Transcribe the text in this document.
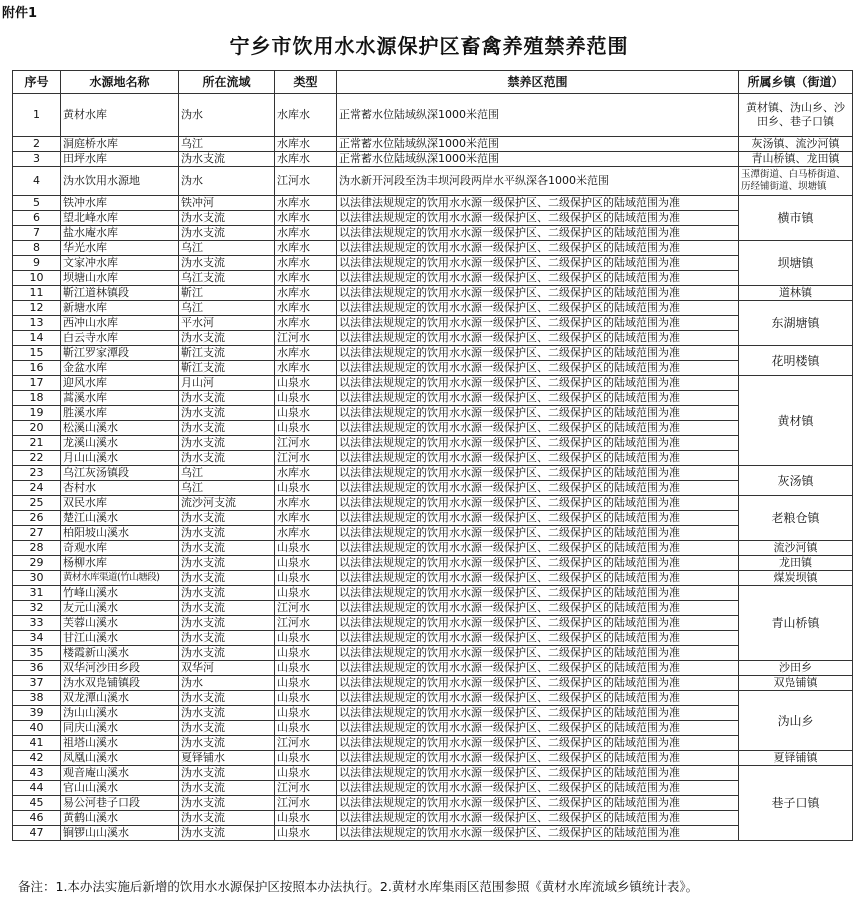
附件1
宁乡市饮用水水源保护区畜禽养殖禁养范围
序号	水源地名称	所在流域	类型	禁养区范围	所属乡镇（街道）
1	黄材水库	沩水	水库水	正常蓄水位陆域纵深1000米范围	黄材镇、沩山乡、沙田乡、巷子口镇
2	洞庭桥水库	乌江	水库水	正常蓄水位陆域纵深1000米范围	灰汤镇、流沙河镇
3	田坪水库	沩水支流	水库水	正常蓄水位陆域纵深1000米范围	青山桥镇、龙田镇
4	沩水饮用水源地	沩水	江河水	沩水新开河段至沩丰坝河段两岸水平纵深各1000米范围	玉潭街道、白马桥街道、历经铺街道、坝塘镇
5	铁冲水库	铁冲河	水库水	以法律法规规定的饮用水水源一级保护区、二级保护区的陆域范围为准	横市镇
6	望北峰水库	沩水支流	水库水	以法律法规规定的饮用水水源一级保护区、二级保护区的陆域范围为准	
7	盐水庵水库	沩水支流	水库水	以法律法规规定的饮用水水源一级保护区、二级保护区的陆域范围为准	
8	华光水库	乌江	水库水	以法律法规规定的饮用水水源一级保护区、二级保护区的陆域范围为准	坝塘镇
9	文家冲水库	沩水支流	水库水	以法律法规规定的饮用水水源一级保护区、二级保护区的陆域范围为准	
10	坝塘山水库	乌江支流	水库水	以法律法规规定的饮用水水源一级保护区、二级保护区的陆域范围为准	
11	靳江道林镇段	靳江	水库水	以法律法规规定的饮用水水源一级保护区、二级保护区的陆域范围为准	道林镇
12	新塘水库	乌江	水库水	以法律法规规定的饮用水水源一级保护区、二级保护区的陆域范围为准	东湖塘镇
13	西冲山水库	平水河	水库水	以法律法规规定的饮用水水源一级保护区、二级保护区的陆域范围为准	
14	白云寺水库	沩水支流	江河水	以法律法规规定的饮用水水源一级保护区、二级保护区的陆域范围为准	
15	靳江罗家潭段	靳江支流	水库水	以法律法规规定的饮用水水源一级保护区、二级保护区的陆域范围为准	花明楼镇
16	金盆水库	靳江支流	水库水	以法律法规规定的饮用水水源一级保护区、二级保护区的陆域范围为准	
17	迎风水库	月山河	山泉水	以法律法规规定的饮用水水源一级保护区、二级保护区的陆域范围为准	黄材镇
18	蒿溪水库	沩水支流	山泉水	以法律法规规定的饮用水水源一级保护区、二级保护区的陆域范围为准	
19	胜溪水库	沩水支流	山泉水	以法律法规规定的饮用水水源一级保护区、二级保护区的陆域范围为准	
20	松溪山溪水	沩水支流	山泉水	以法律法规规定的饮用水水源一级保护区、二级保护区的陆域范围为准	
21	龙溪山溪水	沩水支流	江河水	以法律法规规定的饮用水水源一级保护区、二级保护区的陆域范围为准	
22	月山山溪水	沩水支流	江河水	以法律法规规定的饮用水水源一级保护区、二级保护区的陆域范围为准	
23	乌江灰汤镇段	乌江	水库水	以法律法规规定的饮用水水源一级保护区、二级保护区的陆域范围为准	灰汤镇
24	杏村水	乌江	山泉水	以法律法规规定的饮用水水源一级保护区、二级保护区的陆域范围为准	
25	双民水库	流沙河支流	水库水	以法律法规规定的饮用水水源一级保护区、二级保护区的陆域范围为准	老粮仓镇
26	楚江山溪水	沩水支流	水库水	以法律法规规定的饮用水水源一级保护区、二级保护区的陆域范围为准	
27	柏阳坡山溪水	沩水支流	水库水	以法律法规规定的饮用水水源一级保护区、二级保护区的陆域范围为准	
28	奇观水库	沩水支流	山泉水	以法律法规规定的饮用水水源一级保护区、二级保护区的陆域范围为准	流沙河镇
29	杨柳水库	沩水支流	山泉水	以法律法规规定的饮用水水源一级保护区、二级保护区的陆域范围为准	龙田镇
30	黄材水库渠道(竹山塘段)	沩水支流	山泉水	以法律法规规定的饮用水水源一级保护区、二级保护区的陆域范围为准	煤炭坝镇
31	竹峰山溪水	沩水支流	山泉水	以法律法规规定的饮用水水源一级保护区、二级保护区的陆域范围为准	青山桥镇
32	友元山溪水	沩水支流	江河水	以法律法规规定的饮用水水源一级保护区、二级保护区的陆域范围为准	
33	芙蓉山溪水	沩水支流	江河水	以法律法规规定的饮用水水源一级保护区、二级保护区的陆域范围为准	
34	甘江山溪水	沩水支流	山泉水	以法律法规规定的饮用水水源一级保护区、二级保护区的陆域范围为准	
35	楼霞新山溪水	沩水支流	山泉水	以法律法规规定的饮用水水源一级保护区、二级保护区的陆域范围为准	
36	双华河沙田乡段	双华河	山泉水	以法律法规规定的饮用水水源一级保护区、二级保护区的陆域范围为准	沙田乡
37	沩水双凫铺镇段	沩水	山泉水	以法律法规规定的饮用水水源一级保护区、二级保护区的陆域范围为准	双凫铺镇
38	双龙潭山溪水	沩水支流	山泉水	以法律法规规定的饮用水水源一级保护区、二级保护区的陆域范围为准	沩山乡
39	沩山山溪水	沩水支流	山泉水	以法律法规规定的饮用水水源一级保护区、二级保护区的陆域范围为准	
40	同庆山溪水	沩水支流	山泉水	以法律法规规定的饮用水水源一级保护区、二级保护区的陆域范围为准	
41	祖塔山溪水	沩水支流	江河水	以法律法规规定的饮用水水源一级保护区、二级保护区的陆域范围为准	
42	凤凰山溪水	夏铎铺水	山泉水	以法律法规规定的饮用水水源一级保护区、二级保护区的陆域范围为准	夏铎铺镇
43	观音庵山溪水	沩水支流	山泉水	以法律法规规定的饮用水水源一级保护区、二级保护区的陆域范围为准	巷子口镇
44	官山山溪水	沩水支流	江河水	以法律法规规定的饮用水水源一级保护区、二级保护区的陆域范围为准	
45	易公河巷子口段	沩水支流	江河水	以法律法规规定的饮用水水源一级保护区、二级保护区的陆域范围为准	
46	黄鹤山溪水	沩水支流	山泉水	以法律法规规定的饮用水水源一级保护区、二级保护区的陆域范围为准	
47	锏锣山山溪水	沩水支流	山泉水	以法律法规规定的饮用水水源一级保护区、二级保护区的陆域范围为准	
备注：1.本办法实施后新增的饮用水水源保护区按照本办法执行。2.黄材水库集雨区范围参照《黄材水库流域乡镇统计表》。
